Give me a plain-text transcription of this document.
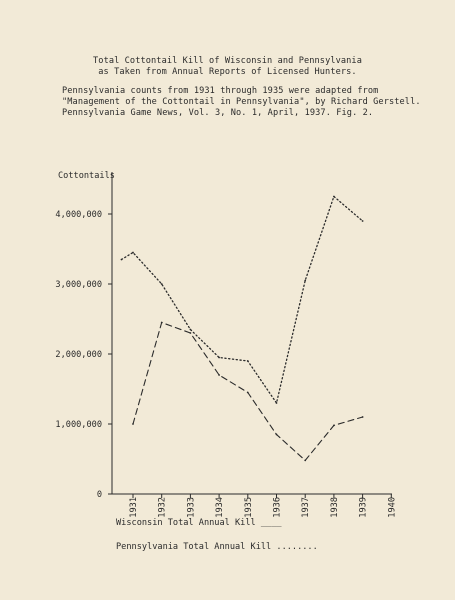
Total Cottontail Kill of Wisconsin and Pennsylvania
as Taken from Annual Reports of Licensed Hunters.
Pennsylvania counts from 1931 through 1935 were adapted from
"Management of the Cottontail in Pennsylvania", by Richard Gerstell.
Pennsylvania Game News, Vol. 3, No. 1, April, 1937. Fig. 2.
Cottontails
0
1,000,000
2,000,000
3,000,000
4,000,000
1931 1932 1933 1934 1935 1936 1937 1938 1939 1940
Wisconsin Total Annual Kill ____
Pennsylvania Total Annual Kill ........
